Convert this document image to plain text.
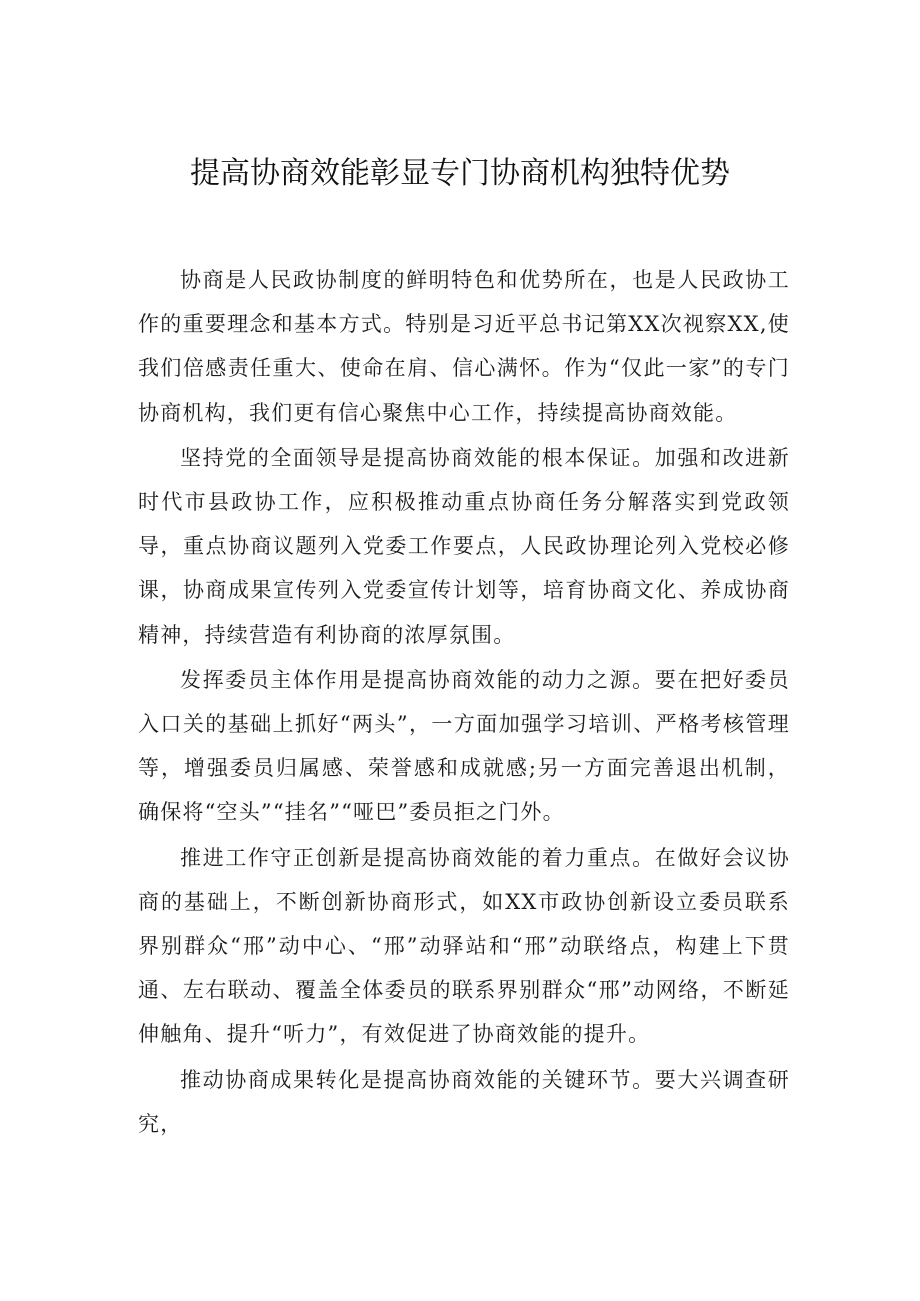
提高协商效能彰显专门协商机构独特优势

协商是人民政协制度的鲜明特色和优势所在，也是人民政协工作的重要理念和基本方式。特别是习近平总书记第XX次视察XX,使我们倍感责任重大、使命在肩、信心满怀。作为“仅此一家”的专门协商机构，我们更有信心聚焦中心工作，持续提高协商效能。

坚持党的全面领导是提高协商效能的根本保证。加强和改进新时代市县政协工作，应积极推动重点协商任务分解落实到党政领导，重点协商议题列入党委工作要点，人民政协理论列入党校必修课，协商成果宣传列入党委宣传计划等，培育协商文化、养成协商精神，持续营造有利协商的浓厚氛围。

发挥委员主体作用是提高协商效能的动力之源。要在把好委员入口关的基础上抓好“两头”，一方面加强学习培训、严格考核管理等，增强委员归属感、荣誉感和成就感;另一方面完善退出机制，确保将“空头”“挂名”“哑巴”委员拒之门外。

推进工作守正创新是提高协商效能的着力重点。在做好会议协商的基础上，不断创新协商形式，如XX市政协创新设立委员联系界别群众“邢”动中心、“邢”动驿站和“邢”动联络点，构建上下贯通、左右联动、覆盖全体委员的联系界别群众“邢”动网络，不断延伸触角、提升“听力”，有效促进了协商效能的提升。

推动协商成果转化是提高协商效能的关键环节。要大兴调查研究，
